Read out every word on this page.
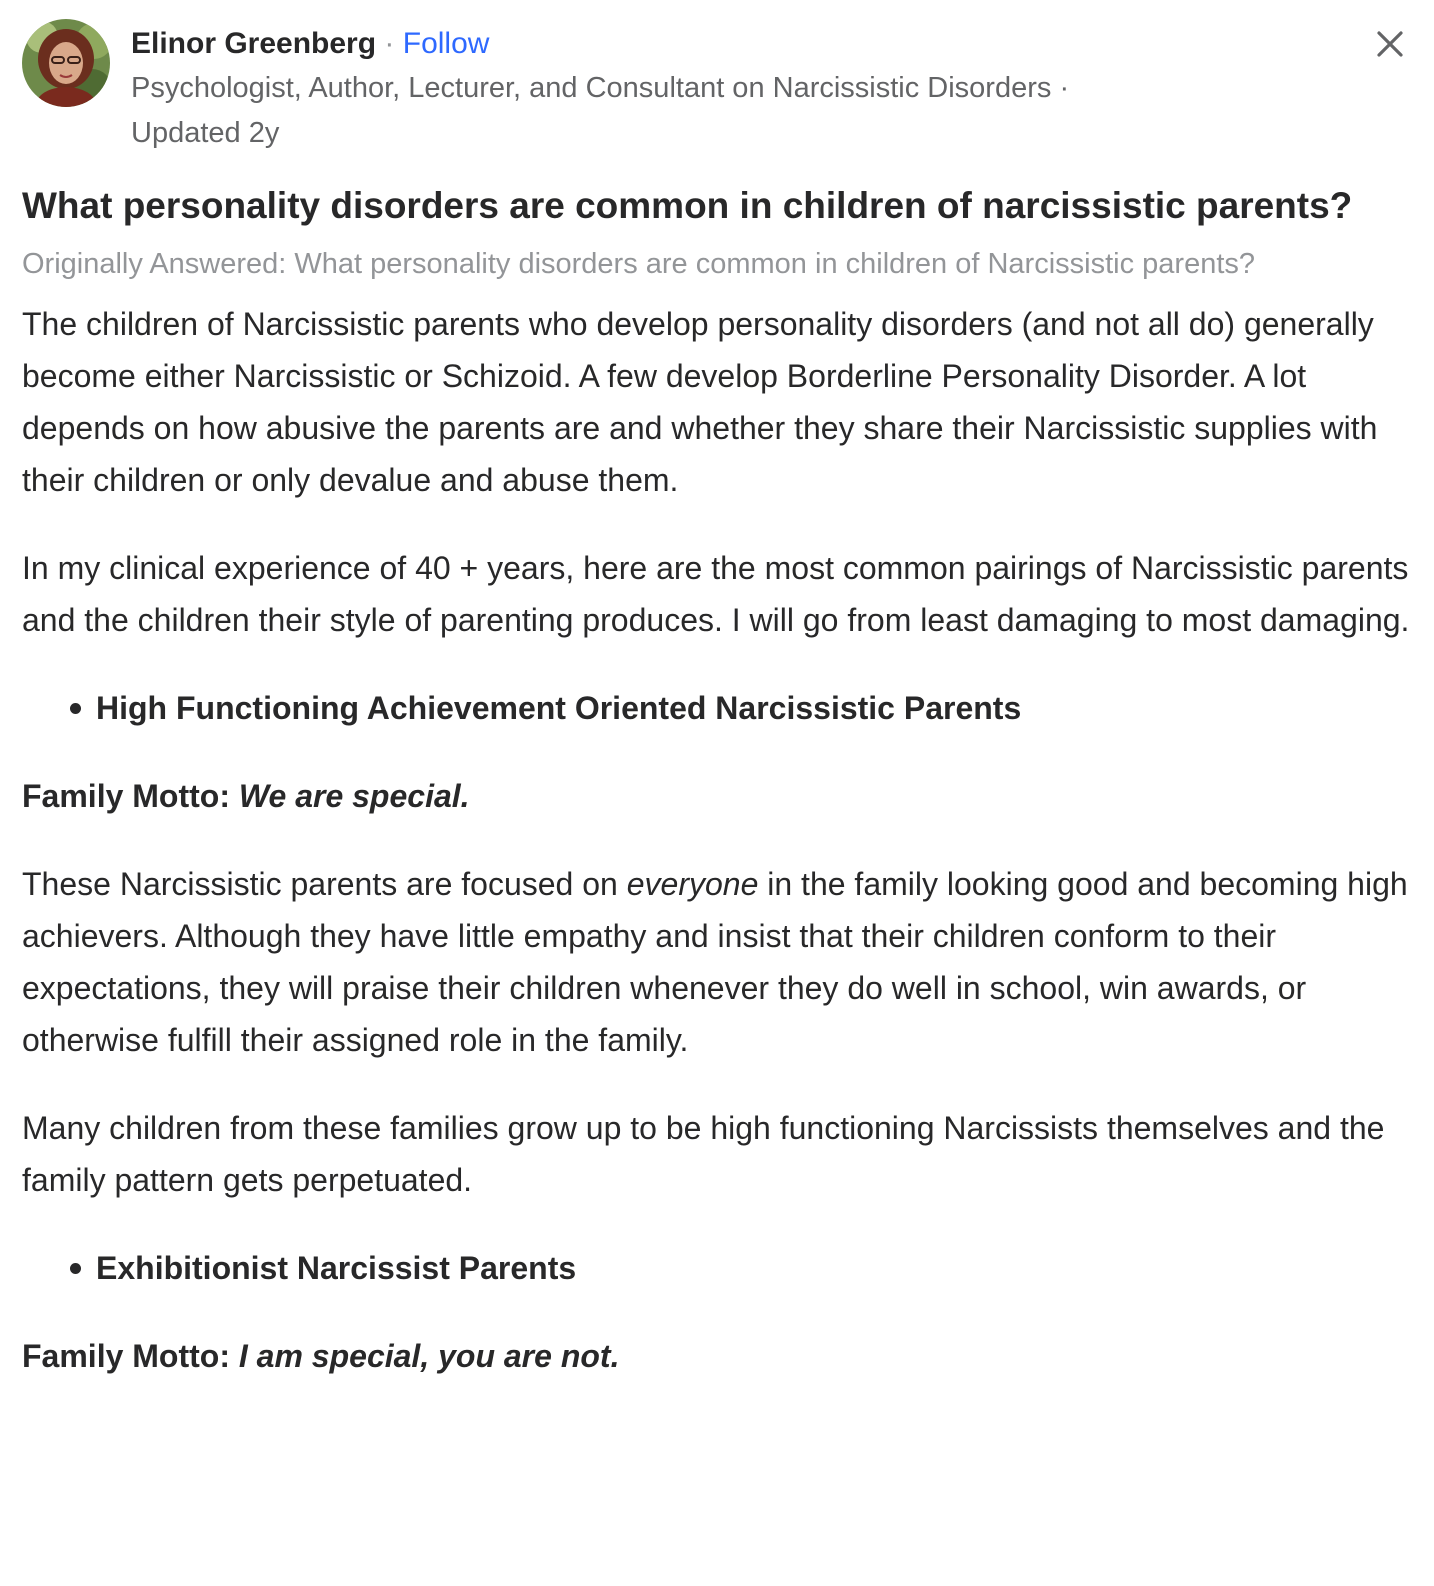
Elinor Greenberg · Follow
Psychologist, Author, Lecturer, and Consultant on Narcissistic Disorders ·
Updated 2y
What personality disorders are common in children of narcissistic parents?
Originally Answered: What personality disorders are common in children of Narcissistic parents?

The children of Narcissistic parents who develop personality disorders (and not all do) generally become either Narcissistic or Schizoid. A few develop Borderline Personality Disorder. A lot depends on how abusive the parents are and whether they share their Narcissistic supplies with their children or only devalue and abuse them.

In my clinical experience of 40 + years, here are the most common pairings of Narcissistic parents and the children their style of parenting produces. I will go from least damaging to most damaging.

High Functioning Achievement Oriented Narcissistic Parents

Family Motto: We are special.

These Narcissistic parents are focused on everyone in the family looking good and becoming high achievers. Although they have little empathy and insist that their children conform to their expectations, they will praise their children whenever they do well in school, win awards, or otherwise fulfill their assigned role in the family.

Many children from these families grow up to be high functioning Narcissists themselves and the family pattern gets perpetuated.

Exhibitionist Narcissist Parents

Family Motto: I am special, you are not.
